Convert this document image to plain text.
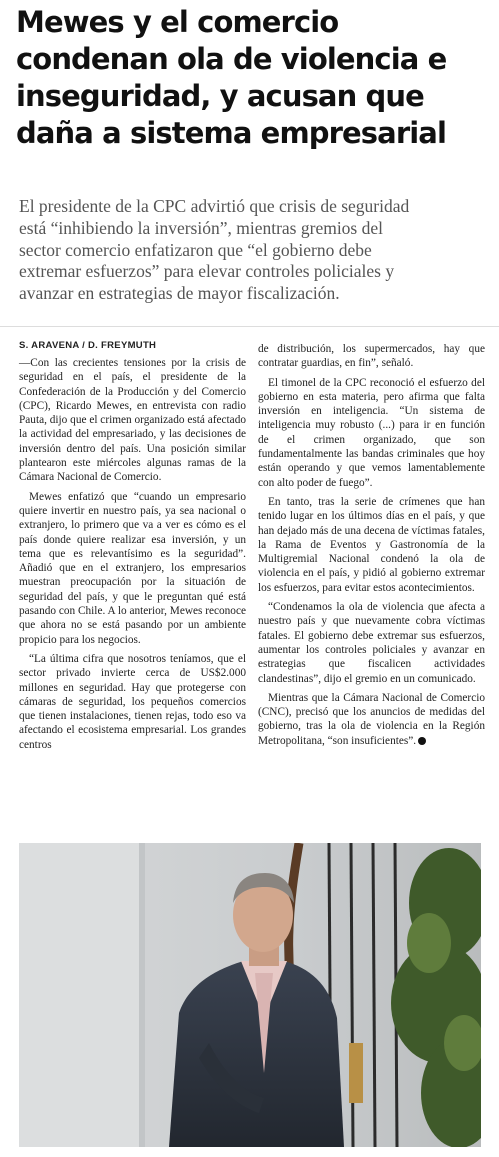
Mewes y el comercio
condenan ola de violencia e
inseguridad, y acusan que
daña a sistema empresarial

El presidente de la CPC advirtió que crisis de seguridad
está “inhibiendo la inversión”, mientras gremios del
sector comercio enfatizaron que “el gobierno debe
extremar esfuerzos” para elevar controles policiales y
avanzar en estrategias de mayor fiscalización.

S. ARAVENA / D. FREYMUTH

—Con las crecientes tensiones por la crisis de seguridad en el país, el presidente de la Confederación de la Producción y del Comercio (CPC), Ricardo Mewes, en entrevista con radio Pauta, dijo que el crimen organizado está afectado la actividad del empresariado, y las decisiones de inversión dentro del país. Una posición similar plantearon este miércoles algunas ramas de la Cámara Nacional de Comercio.

Mewes enfatizó que “cuando un empresario quiere invertir en nuestro país, ya sea nacional o extranjero, lo primero que va a ver es cómo es el país donde quiere realizar esa inversión, y un tema que es relevantísimo es la seguridad”. Añadió que en el extranjero, los empresarios muestran preocupación por la situación de seguridad del país, y que le preguntan qué está pasando con Chile. A lo anterior, Mewes reconoce que ahora no se está pasando por un ambiente propicio para los negocios.

“La última cifra que nosotros teníamos, que el sector privado invierte cerca de US$2.000 millones en seguridad. Hay que protegerse con cámaras de seguridad, los pequeños comercios que tienen instalaciones, tienen rejas, todo eso va afectando el ecosistema empresarial. Los grandes centros

de distribución, los supermercados, hay que contratar guardias, en fin”, señaló.

El timonel de la CPC reconoció el esfuerzo del gobierno en esta materia, pero afirma que falta inversión en inteligencia. “Un sistema de inteligencia muy robusto (...) para ir en función de el crimen organizado, que son fundamentalmente las bandas criminales que hoy están operando y que vemos lamentablemente con alto poder de fuego”.

En tanto, tras la serie de crímenes que han tenido lugar en los últimos días en el país, y que han dejado más de una decena de víctimas fatales, la Rama de Eventos y Gastronomía de la Multigremial Nacional condenó la ola de violencia en el país, y pidió al gobierno extremar los esfuerzos, para evitar estos acontecimientos.

“Condenamos la ola de violencia que afecta a nuestro país y que nuevamente cobra víctimas fatales. El gobierno debe extremar sus esfuerzos, aumentar los controles policiales y avanzar en estrategias que fiscalicen actividades clandestinas”, dijo el gremio en un comunicado.

Mientras que la Cámara Nacional de Comercio (CNC), precisó que los anuncios de medidas del gobierno, tras la ola de violencia en la Región Metropolitana, “son insuficientes”.
